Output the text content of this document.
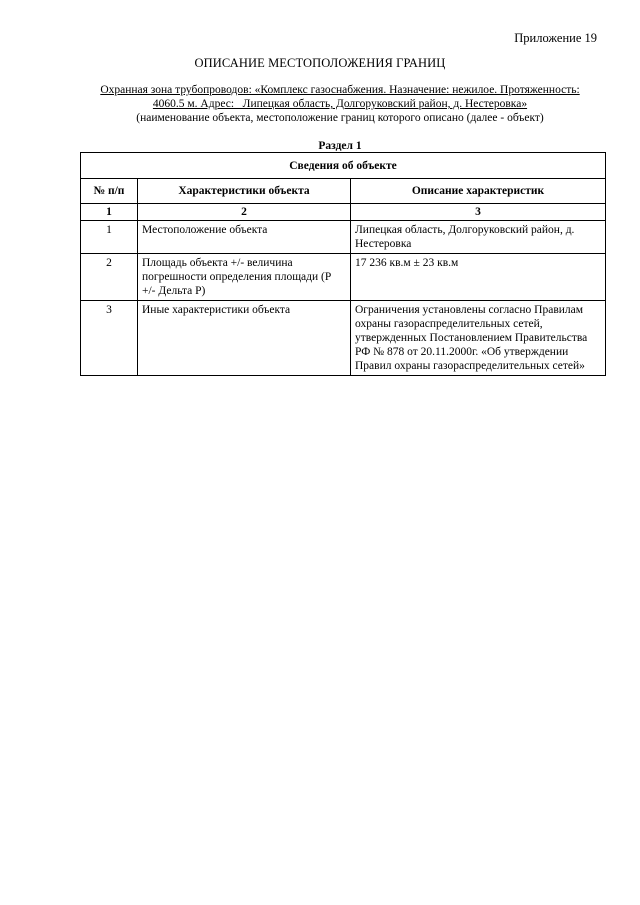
Приложение 19
ОПИСАНИЕ МЕСТОПОЛОЖЕНИЯ ГРАНИЦ
Охранная зона трубопроводов: «Комплекс газоснабжения. Назначение: нежилое. Протяженность:
4060.5 м. Адрес:   Липецкая область, Долгоруковский район, д. Нестеровка»
(наименование объекта, местоположение границ которого описано (далее - объект)
Раздел 1
Сведения об объекте		
№ п/п	Характеристики объекта	Описание характеристик
1	2	3
1	Местоположение объекта	Липецкая область, Долгоруковский район, д. Нестеровка
2	Площадь объекта +/- величина погрешности определения площади (Р +/- Дельта Р)	17 236 кв.м ± 23 кв.м
3	Иные характеристики объекта	Ограничения установлены согласно Правилам охраны газораспределительных сетей, утвержденных Постановлением Правительства РФ № 878 от 20.11.2000г. «Об утверждении Правил охраны газораспределительных сетей»
